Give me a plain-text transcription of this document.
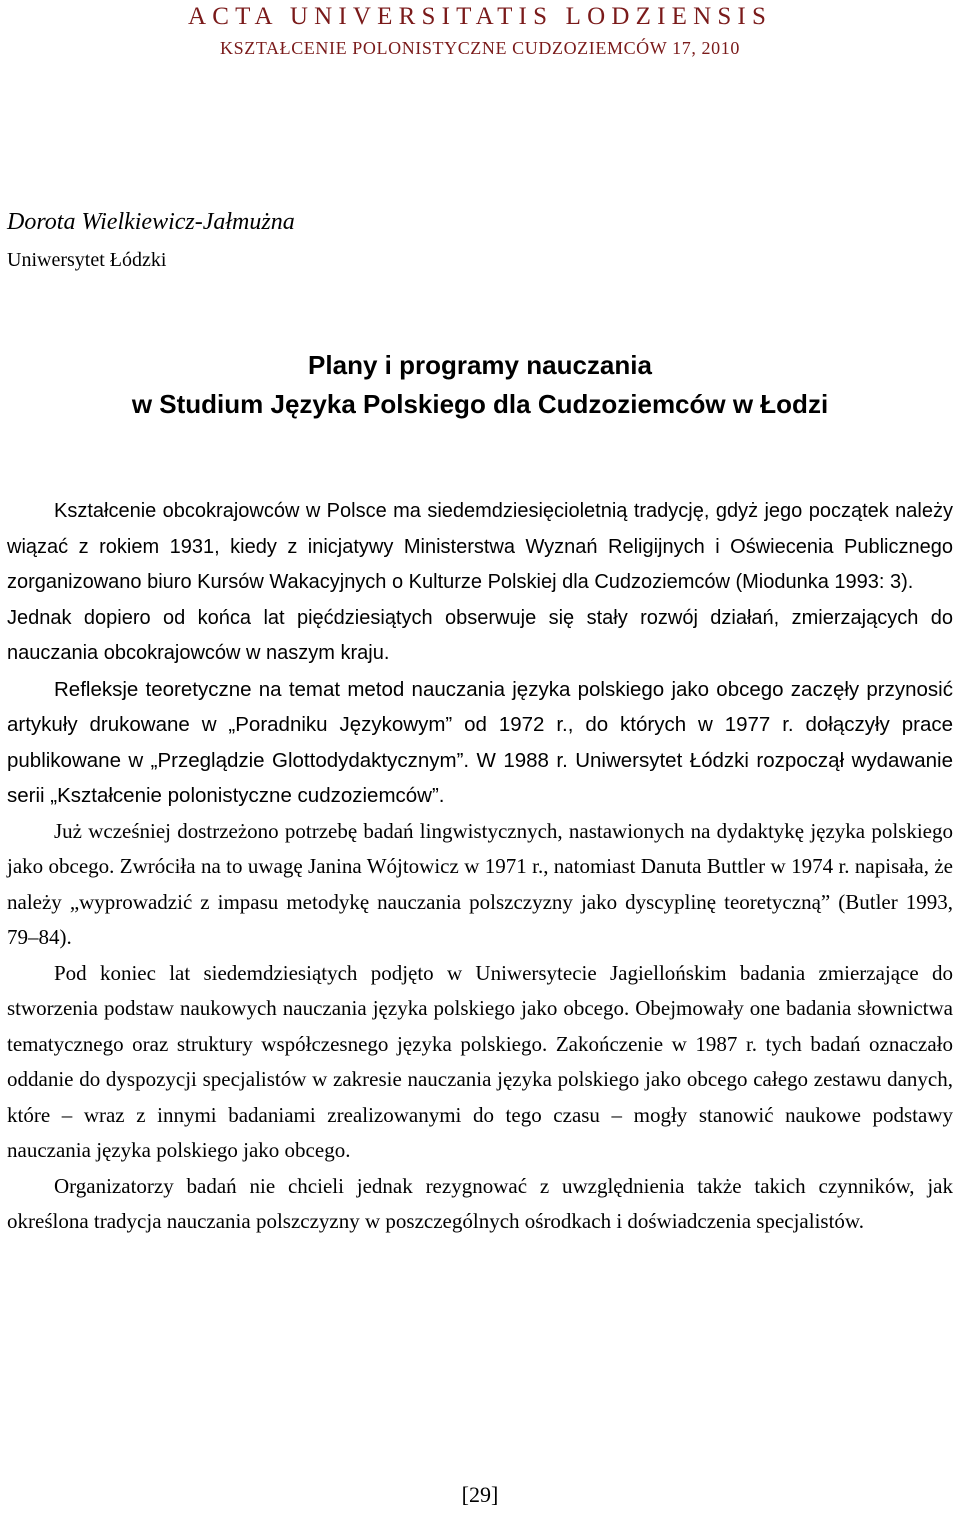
ACTA UNIVERSITATIS LODZIENSIS
KSZTAŁCENIE POLONISTYCZNE CUDZOZIEMCÓW 17, 2010
Dorota Wielkiewicz-Jałmużna
Uniwersytet Łódzki
Plany i programy nauczania
w Studium Języka Polskiego dla Cudzoziemców w Łodzi

Kształcenie obcokrajowców w Polsce ma siedemdziesięcioletnią tradycję, gdyż jego początek należy wiązać z rokiem 1931, kiedy z inicjatywy Ministerstwa Wyznań Religijnych i Oświecenia Publicznego zorganizowano biuro Kursów Wakacyjnych o Kulturze Polskiej dla Cudzoziemców (Miodunka 1993: 3).

Jednak dopiero od końca lat pięćdziesiątych obserwuje się stały rozwój działań, zmierzających do nauczania obcokrajowców w naszym kraju.

Refleksje teoretyczne na temat metod nauczania języka polskiego jako obcego zaczęły przynosić artykuły drukowane w „Poradniku Językowym” od 1972 r., do których w 1977 r. dołączyły prace publikowane w „Przeglądzie Glottodydaktycznym”. W 1988 r. Uniwersytet Łódzki rozpoczął wydawanie serii „Kształcenie polonistyczne cudzoziemców”.

Już wcześniej dostrzeżono potrzebę badań lingwistycznych, nastawionych na dydaktykę języka polskiego jako obcego. Zwróciła na to uwagę Janina Wójtowicz w 1971 r., natomiast Danuta Buttler w 1974 r. napisała, że należy „wyprowadzić z impasu metodykę nauczania polszczyzny jako dyscyplinę teoretyczną” (Butler 1993, 79–84).

Pod koniec lat siedemdziesiątych podjęto w Uniwersytecie Jagiellońskim badania zmierzające do stworzenia podstaw naukowych nauczania języka polskiego jako obcego. Obejmowały one badania słownictwa tematycznego oraz struktury współczesnego języka polskiego. Zakończenie w 1987 r. tych badań oznaczało oddanie do dyspozycji specjalistów w zakresie nauczania języka polskiego jako obcego całego zestawu danych, które – wraz z innymi badaniami zrealizowanymi do tego czasu – mogły stanowić naukowe podstawy nauczania języka polskiego jako obcego.

Organizatorzy badań nie chcieli jednak rezygnować z uwzględnienia także takich czynników, jak określona tradycja nauczania polszczyzny w poszczególnych ośrodkach i doświadczenia specjalistów.

[29]
